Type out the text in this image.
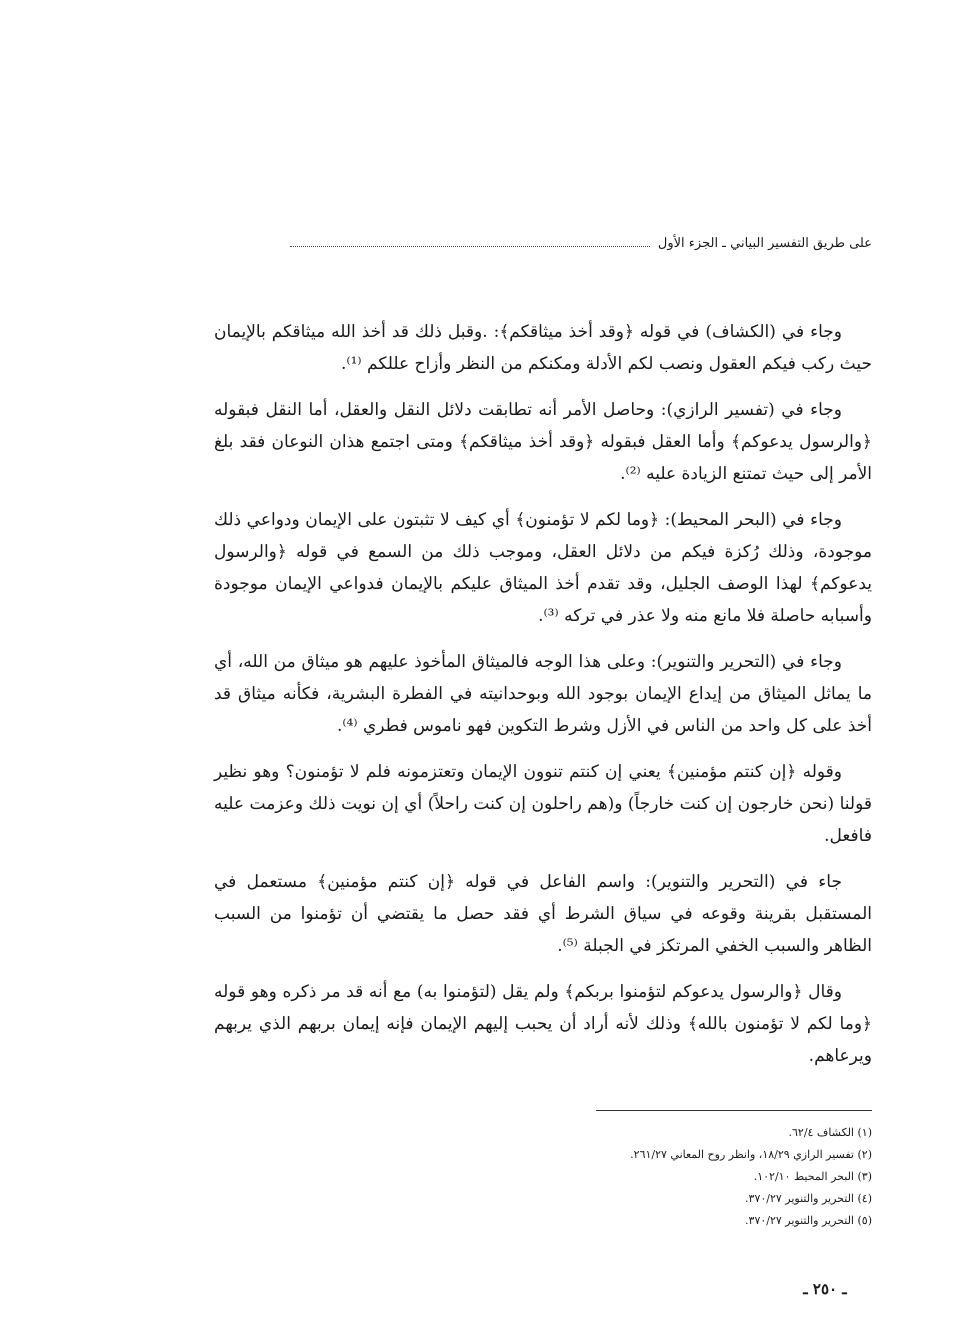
على طريق التفسير البياني ـ الجزء الأول

وجاء في (الكشاف) في قوله ﴿وقد أخذ ميثاقكم﴾: .وقبل ذلك قد أخذ الله ميثاقكم بالإيمان حيث ركب فيكم العقول ونصب لكم الأدلة ومكنكم من النظر وأزاح عللكم ⁽¹⁾.

وجاء في (تفسير الرازي): وحاصل الأمر أنه تطابقت دلائل النقل والعقل، أما النقل فبقوله ﴿والرسول يدعوكم﴾ وأما العقل فبقوله ﴿وقد أخذ ميثاقكم﴾ ومتى اجتمع هذان النوعان فقد بلغ الأمر إلى حيث تمتنع الزيادة عليه ⁽²⁾.

وجاء في (البحر المحيط): ﴿وما لكم لا تؤمنون﴾ أي كيف لا تثبتون على الإيمان ودواعي ذلك موجودة، وذلك رُكزة فيكم من دلائل العقل، وموجب ذلك من السمع في قوله ﴿والرسول يدعوكم﴾ لهذا الوصف الجليل، وقد تقدم أخذ الميثاق عليكم بالإيمان فدواعي الإيمان موجودة وأسبابه حاصلة فلا مانع منه ولا عذر في تركه ⁽³⁾.

وجاء في (التحرير والتنوير): وعلى هذا الوجه فالميثاق المأخوذ عليهم هو ميثاق من الله، أي ما يماثل الميثاق من إيداع الإيمان بوجود الله وبوحدانيته في الفطرة البشرية، فكأنه ميثاق قد أخذ على كل واحد من الناس في الأزل وشرط التكوين فهو ناموس فطري ⁽⁴⁾.

وقوله ﴿إن كنتم مؤمنين﴾ يعني إن كنتم تنوون الإيمان وتعتزمونه فلم لا تؤمنون؟ وهو نظير قولنا (نحن خارجون إن كنت خارجاً) و(هم راحلون إن كنت راحلاً) أي إن نويت ذلك وعزمت عليه فافعل.

جاء في (التحرير والتنوير): واسم الفاعل في قوله ﴿إن كنتم مؤمنين﴾ مستعمل في المستقبل بقرينة وقوعه في سياق الشرط أي فقد حصل ما يقتضي أن تؤمنوا من السبب الظاهر والسبب الخفي المرتكز في الجبلة ⁽⁵⁾.

وقال ﴿والرسول يدعوكم لتؤمنوا بربكم﴾ ولم يقل (لتؤمنوا به) مع أنه قد مر ذكره وهو قوله ﴿وما لكم لا تؤمنون بالله﴾ وذلك لأنه أراد أن يحبب إليهم الإيمان فإنه إيمان بربهم الذي يربهم ويرعاهم.

(١) الكشاف ٦٢/٤.
(٢) تفسير الرازي ١٨/٢٩، وانظر روح المعاني ٢٦١/٢٧.
(٣) البحر المحيط ١٠٢/١٠.
(٤) التحرير والتنوير ٣٧٠/٢٧.
(٥) التحرير والتنوير ٣٧٠/٢٧.
ـ ٢٥٠ ـ
